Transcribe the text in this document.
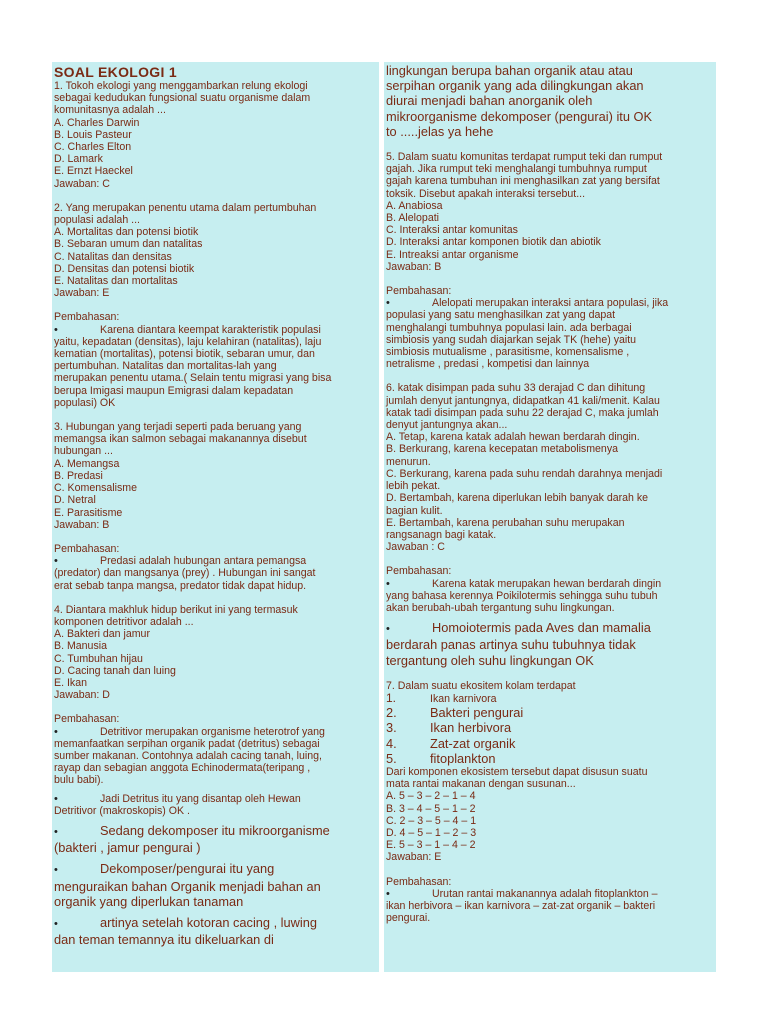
SOAL EKOLOGI 1
1. Tokoh ekologi yang menggambarkan relung ekologi
sebagai kedudukan fungsional suatu organisme dalam
komunitasnya adalah ...
A. Charles Darwin
B. Louis Pasteur
C. Charles Elton
D. Lamark
E. Ernzt Haeckel
Jawaban: C
2. Yang merupakan penentu utama dalam pertumbuhan
populasi adalah ...
A. Mortalitas dan potensi biotik
B. Sebaran umum dan natalitas
C. Natalitas dan densitas
D. Densitas dan potensi biotik
E. Natalitas dan mortalitas
Jawaban: E
Pembahasan:
• Karena diantara keempat karakteristik populasi
yaitu, kepadatan (densitas), laju kelahiran (natalitas), laju
kematian (mortalitas), potensi biotik, sebaran umur, dan
pertumbuhan. Natalitas dan mortalitas-lah yang
merupakan penentu utama.( Selain tentu migrasi yang bisa
berupa Imigasi maupun Emigrasi dalam kepadatan
populasi) OK
3. Hubungan yang terjadi seperti pada beruang yang
memangsa ikan salmon sebagai makanannya disebut
hubungan ...
A. Memangsa
B. Predasi
C. Komensalisme
D. Netral
E. Parasitisme
Jawaban: B
Pembahasan:
• Predasi adalah hubungan antara pemangsa
(predator) dan mangsanya (prey) . Hubungan ini sangat
erat sebab tanpa mangsa, predator tidak dapat hidup.
4. Diantara makhluk hidup berikut ini yang termasuk
komponen detritivor adalah ...
A. Bakteri dan jamur
B. Manusia
C. Tumbuhan hijau
D. Cacing tanah dan luing
E. Ikan
Jawaban: D
Pembahasan:
• Detritivor merupakan organisme heterotrof yang
memanfaatkan serpihan organik padat (detritus) sebagai
sumber makanan. Contohnya adalah cacing tanah, luing,
rayap dan sebagian anggota Echinodermata(teripang ,
bulu babi).
• Jadi Detritus itu yang disantap oleh Hewan
Detritivor (makroskopis) OK .
• Sedang dekomposer itu mikroorganisme
(bakteri , jamur pengurai )
• Dekomposer/pengurai itu yang
menguraikan bahan Organik menjadi bahan an
organik yang diperlukan tanaman
• artinya setelah kotoran cacing , luwing
dan teman temannya itu dikeluarkan di
lingkungan berupa bahan organik atau atau
serpihan organik yang ada dilingkungan akan
diurai menjadi bahan anorganik oleh
mikroorganisme dekomposer (pengurai) itu OK
to .....jelas ya hehe
5. Dalam suatu komunitas terdapat rumput teki dan rumput
gajah. Jika rumput teki menghalangi tumbuhnya rumput
gajah karena tumbuhan ini menghasilkan zat yang bersifat
toksik. Disebut apakah interaksi tersebut...
A. Anabiosa
B. Alelopati
C. Interaksi antar komunitas
D. Interaksi antar komponen biotik dan abiotik
E. Intreaksi antar organisme
Jawaban: B
Pembahasan:
• Alelopati merupakan interaksi antara populasi, jika
populasi yang satu menghasilkan zat yang dapat
menghalangi tumbuhnya populasi lain. ada berbagai
simbiosis yang sudah diajarkan sejak TK (hehe) yaitu
simbiosis mutualisme , parasitisme, komensalisme ,
netralisme , predasi , kompetisi dan lainnya
6. katak disimpan pada suhu 33 derajad C dan dihitung
jumlah denyut jantungnya, didapatkan 41 kali/menit. Kalau
katak tadi disimpan pada suhu 22 derajad C, maka jumlah
denyut jantungnya akan...
A. Tetap, karena katak adalah hewan berdarah dingin.
B. Berkurang, karena kecepatan metabolismenya
menurun.
C. Berkurang, karena pada suhu rendah darahnya menjadi
lebih pekat.
D. Bertambah, karena diperlukan lebih banyak darah ke
bagian kulit.
E. Bertambah, karena perubahan suhu merupakan
rangsanagn bagi katak.
Jawaban : C
Pembahasan:
• Karena katak merupakan hewan berdarah dingin
yang bahasa kerennya Poikilotermis sehingga suhu tubuh
akan berubah-ubah tergantung suhu lingkungan.
• Homoiotermis pada Aves dan mamalia
berdarah panas artinya suhu tubuhnya tidak
tergantung oleh suhu lingkungan OK
7. Dalam suatu ekositem kolam terdapat
1.	Ikan karnivora
2.	Bakteri pengurai
3.	Ikan herbivora
4.	Zat-zat organik
5.	fitoplankton
Dari komponen ekosistem tersebut dapat disusun suatu
mata rantai makanan dengan susunan...
A. 5 – 3 – 2 – 1 – 4
B. 3 – 4 – 5 – 1 – 2
C. 2 – 3 – 5 – 4 – 1
D. 4 – 5 – 1 – 2 – 3
E. 5 – 3 – 1 – 4 – 2
Jawaban: E
Pembahasan:
• Urutan rantai makanannya adalah fitoplankton –
ikan herbivora – ikan karnivora – zat-zat organik – bakteri
pengurai.
